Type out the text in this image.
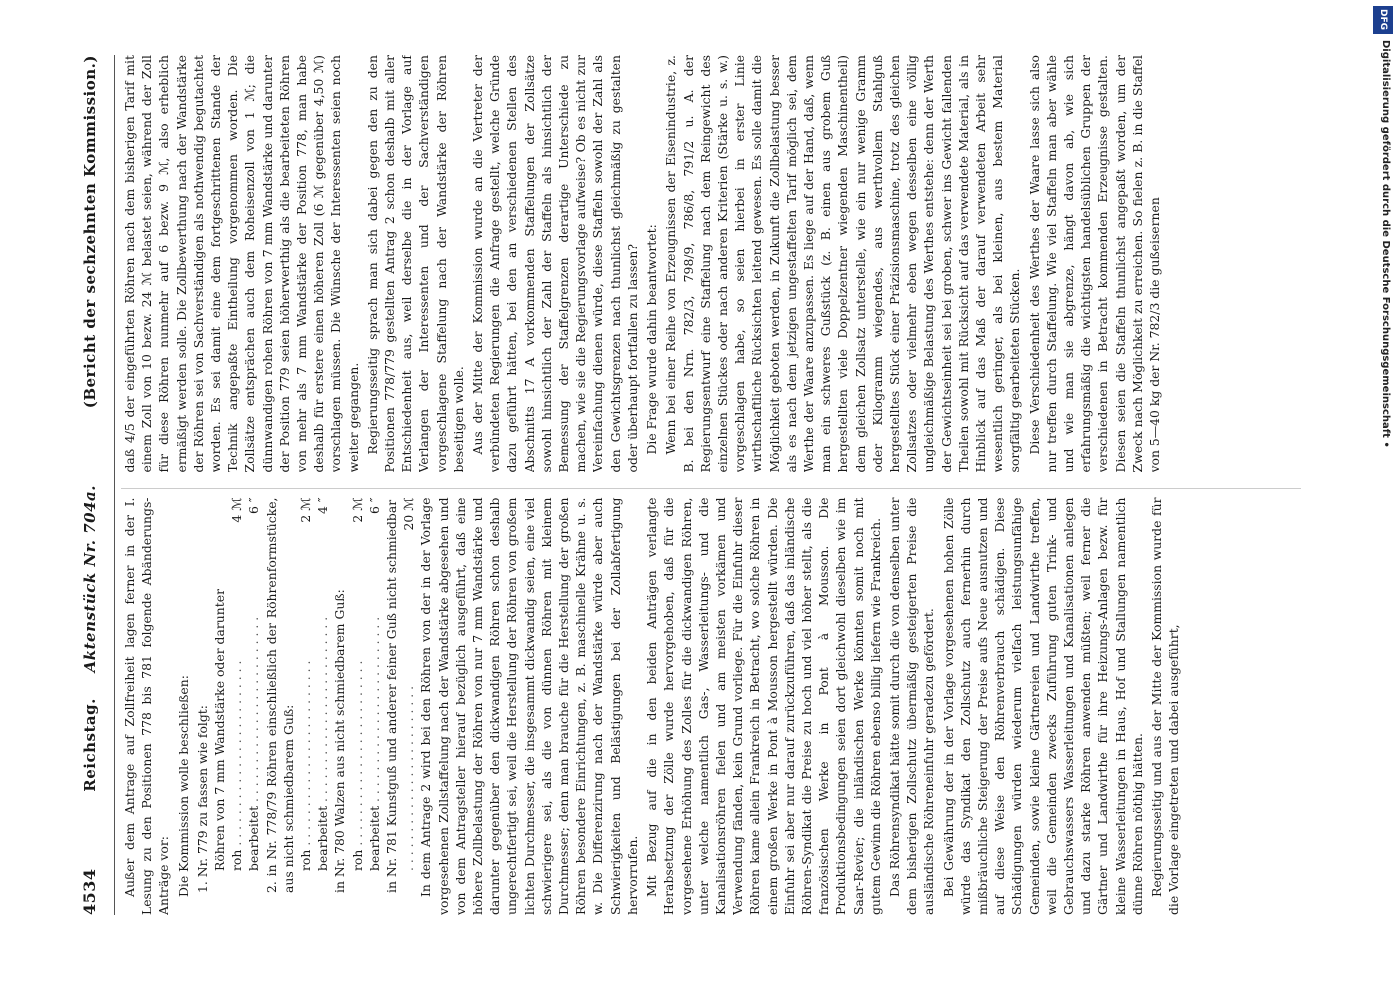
4534
Reichstag. Aktenstück Nr. 704a.
(Bericht der sechzehnten Kommission.)

Außer dem Antrage auf Zollfreiheit lagen ferner in der I. Lesung zu den Positionen 778 bis 781 folgende Abänderungs-Anträge vor: Die Kommission wolle beschließen: 1. Nr. 779 zu fassen wie folgt: Röhren von 7 mm Wandstärke oder darunter roh . . .
4 ℳ
bearbeitet . . .
6 ″ 2. in Nr. 778/79 Röhren einschließlich der Röhrenformstücke, aus nicht schmiedbarem Guß: roh . . .
2 ℳ
bearbeitet . . .
4 ″
in Nr. 780 Walzen aus nicht schmiedbarem Guß: roh . . .
2 ℳ
bearbeitet . . .
6 ″ in Nr. 781 Kunstguß und anderer feiner Guß nicht schmiedbar
. . . 20 ℳ In dem Antrage 2 wird bei den Röhren von der in der Vorlage vorgesehenen Zollstaffelung nach der Wandstärke abgesehen und von dem Antragsteller hierauf bezüglich ausgeführt, daß eine höhere Zollbelastung der Röhren von nur 7 mm Wandstärke und darunter gegenüber den dickwandigen Röhren schon deshalb ungerechtfertigt sei, weil die Herstellung der Röhren von großem lichten Durchmesser, die insgesammt dickwandig seien, eine viel schwierigere sei, als die von dünnen Röhren mit kleinem Durchmesser; denn man brauche für die Herstellung der großen Röhren besondere Einrichtungen, z. B. maschinelle Krähne u. s. w. Die Differenzirung nach der Wandstärke würde aber auch Schwierigkeiten und Belästigungen bei der Zollabfertigung hervorrufen. Mit Bezug auf die in den beiden Anträgen verlangte Herabsetzung der Zölle wurde hervorgehoben, daß für die vorgesehene Erhöhung des Zolles für die dickwandigen Röhren, unter welche namentlich Gas-, Wasserleitungs- und die Kanalisationsröhren fielen und am meisten vorkämen und Verwendung fänden, kein Grund vorliege. Für die Einfuhr dieser Röhren kame allein Frankreich in Betracht, wo solche Röhren in einem großen Werke in Pont à Mousson hergestellt würden. Die Einfuhr sei aber nur darauf zurückzuführen, daß das inländische Röhren-Syndikat die Preise zu hoch und viel höher stellt, als die französischen Werke in Pont à Mousson. Die Produktionsbedingungen seien dort gleichwohl dieselben wie im Saar-Revier; die inländischen Werke könnten somit noch mit gutem Gewinn die Röhren ebenso billig liefern wie Frankreich. Das Röhrensyndikat hätte somit durch die von denselben unter dem bisherigen Zollschutz übermäßig gesteigerten Preise die ausländische Röhreneinfuhr geradezu gefördert. Bei Gewährung der in der Vorlage vorgesehenen hohen Zölle würde das Syndikat den Zollschutz auch fernerhin durch mißbräuchliche Steigerung der Preise aufs Neue ausnutzen und auf diese Weise den Röhrenverbrauch schädigen. Diese Schädigungen würden wiederum vielfach leistungsunfähige Gemeinden, sowie kleine Gärtnereien und Landwirthe treffen, weil die Gemeinden zwecks Zuführung guten Trink- und Gebrauchswassers Wasserleitungen und Kanalisationen anlegen und dazu starke Röhren anwenden müßten; weil ferner die Gärtner und Landwirthe für ihre Heizungs-Anlagen bezw. für kleine Wasserleitungen in Haus, Hof und Stallungen namentlich dünne Röhren nöthig hätten. Regierungsseitig und aus der Mitte der Kommission wurde für die Vorlage eingetreten und dabei ausgeführt,

daß 4/5 der eingeführten Röhren nach dem bisherigen Tarif mit einem Zoll von 10 bezw. 24 ℳ belastet seien, während der Zoll für diese Röhren nunmehr auf 6 bezw. 9 ℳ, also erheblich ermäßigt werden solle. Die Zollbewerthung nach der Wandstärke der Röhren sei von Sachverständigen als nothwendig begutachtet worden. Es sei damit eine dem fortgeschrittenen Stande der Technik angepaßte Eintheilung vorgenommen worden. Die Zollsätze entsprächen auch dem Roheisenzoll von 1 ℳ; die dünnwandigen rohen Röhren von 7 mm Wandstärke und darunter der Position 779 seien höherwerthig als die bearbeiteten Röhren von mehr als 7 mm Wandstärke der Position 778, man habe deshalb für erstere einen höheren Zoll (6 ℳ gegenüber 4,50 ℳ) vorschlagen müssen. Die Wünsche der Interessenten seien noch weiter gegangen. Regierungsseitig sprach man sich dabei gegen den zu den Positionen 778/779 gestellten Antrag 2 schon deshalb mit aller Entschiedenheit aus, weil derselbe die in der Vorlage auf Verlangen der Interessenten und der Sachverständigen vorgeschlagene Staffelung nach der Wandstärke der Röhren beseitigen wolle. Aus der Mitte der Kommission wurde an die Vertreter der verbündeten Regierungen die Anfrage gestellt, welche Gründe dazu geführt hätten, bei den an verschiedenen Stellen des Abschnitts 17 A vorkommenden Staffelungen der Zollsätze sowohl hinsichtlich der Zahl der Staffeln als hinsichtlich der Bemessung der Staffelgrenzen derartige Unterschiede zu machen, wie sie die Regierungsvorlage aufweise? Ob es nicht zur Vereinfachung dienen würde, diese Staffeln sowohl der Zahl als den Gewichtsgrenzen nach thunlichst gleichmäßig zu gestalten oder überhaupt fortfallen zu lassen? Die Frage wurde dahin beantwortet: Wenn bei einer Reihe von Erzeugnissen der Eisenindustrie, z. B. bei den Nrn. 782/3, 798/9, 786/8, 791/2 u. A. der Regierungsentwurf eine Staffelung nach dem Reingewicht des einzelnen Stückes oder nach anderen Kriterien (Stärke u. s. w.) vorgeschlagen habe, so seien hierbei in erster Linie wirthschaftliche Rücksichten leitend gewesen. Es solle damit die Möglichkeit geboten werden, in Zukunft die Zollbelastung besser als es nach dem jetzigen ungestaffelten Tarif möglich sei, dem Werthe der Waare anzupassen. Es liege auf der Hand, daß, wenn man ein schweres Gußstück (z. B. einen aus grobem Guß hergestellten viele Doppelzentner wiegenden Maschinentheil) dem gleichen Zollsatz unterstelle, wie ein nur wenige Gramm oder Kilogramm wiegendes, aus werthvollem Stahlguß hergestelltes Stück einer Präzisionsmaschine, trotz des gleichen Zollsatzes oder vielmehr eben wegen desselben eine völlig ungleichmäßige Belastung des Werthes entstehe: denn der Werth der Gewichtseinheit sei bei groben, schwer ins Gewicht fallenden Theilen sowohl mit Rücksicht auf das verwendete Material, als in Hinblick auf das Maß der darauf verwendeten Arbeit sehr wesentlich geringer, als bei kleinen, aus bestem Material sorgfältig gearbeiteten Stücken. Diese Verschiedenheit des Werthes der Waare lasse sich also nur treffen durch Staffelung. Wie viel Staffeln man aber wähle und wie man sie abgrenze, hängt davon ab, wie sich erfahrungsmäßig die wichtigsten handelsüblichen Gruppen der verschiedenen in Betracht kommenden Erzeugnisse gestalten. Diesen seien die Staffeln thunlichst angepaßt worden, um der Zweck nach Möglichkeit zu erreichen. So fielen z. B. in die Staffel von 5—40 kg der Nr. 782/3 die gußeisernen

DFG
Digitalisierung gefördert durch die Deutsche Forschungsgemeinschaft •
